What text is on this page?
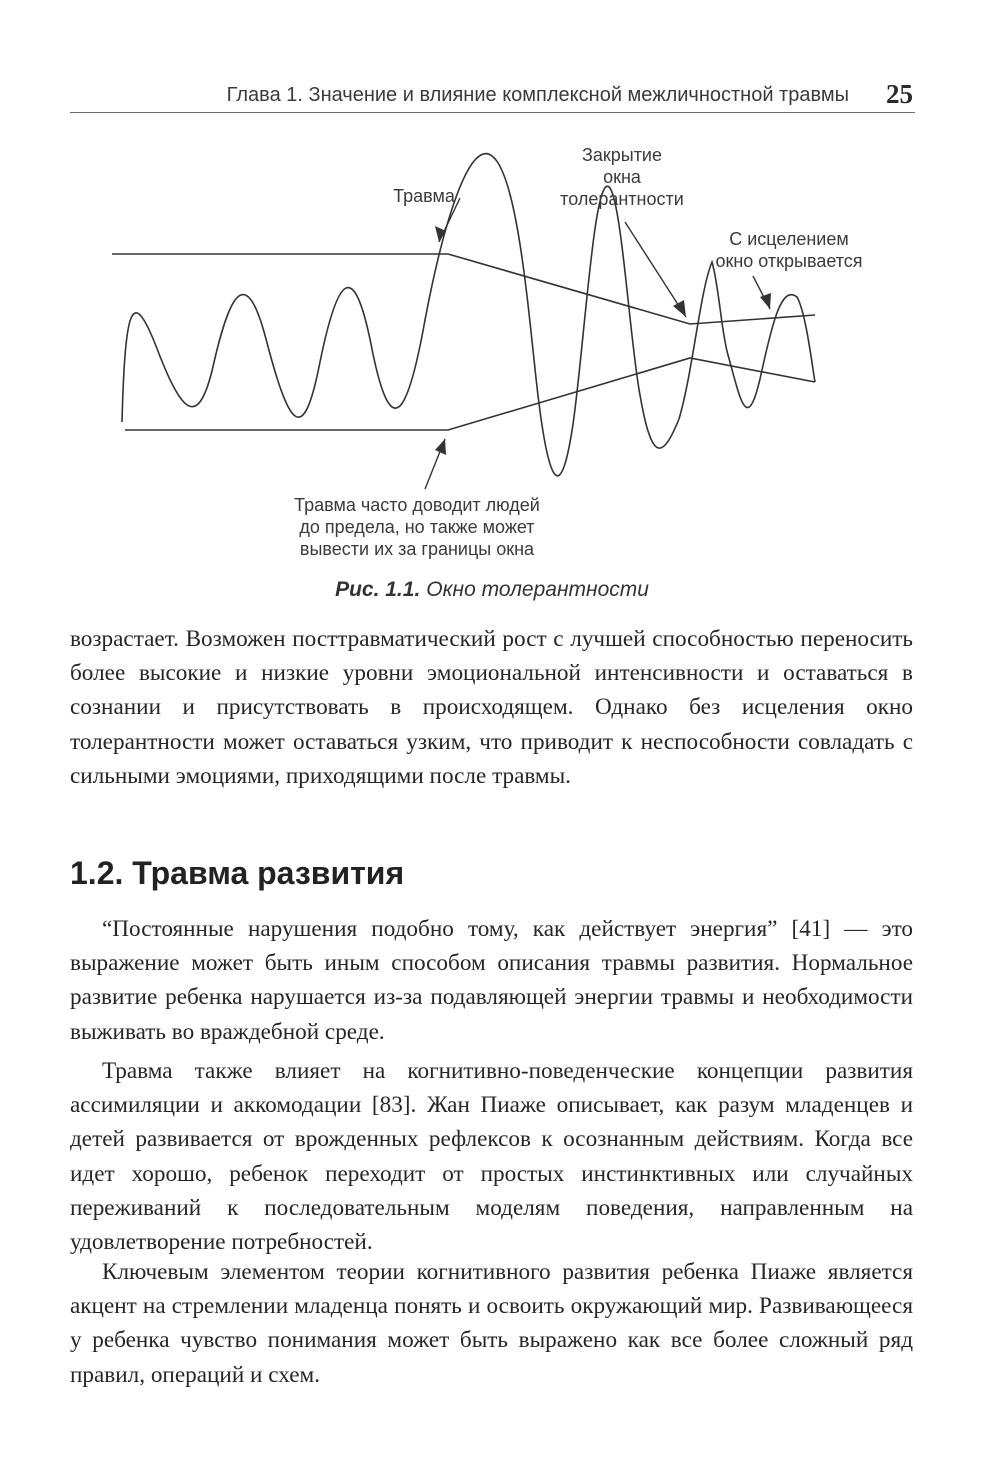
Глава 1. Значение и влияние комплексной межличностной травмы 25
Травма
Закрытие
окна
толерантности
С исцелением
окно открывается
Травма часто доводит людей
до предела, но также может
вывести их за границы окна
Рис. 1.1. Окно толерантности

возрастает. Возможен посттравматический рост с лучшей способностью переносить более высокие и низкие уровни эмоциональной интенсивности и оставаться в сознании и присутствовать в происходящем. Однако без исцеления окно толерантности может оставаться узким, что приводит к неспособности совладать с сильными эмоциями, приходящими после травмы.

1.2. Травма развития

“Постоянные нарушения подобно тому, как действует энергия” [41] — это выражение может быть иным способом описания травмы развития. Нормальное развитие ребенка нарушается из-за подавляющей энергии травмы и необходимости выживать во враждебной среде.

Травма также влияет на когнитивно-поведенческие концепции развития ассимиляции и аккомодации [83]. Жан Пиаже описывает, как разум младенцев и детей развивается от врожденных рефлексов к осознанным действиям. Когда все идет хорошо, ребенок переходит от простых инстинктивных или случайных переживаний к последовательным моделям поведения, направленным на удовлетворение потребностей.

Ключевым элементом теории когнитивного развития ребенка Пиаже является акцент на стремлении младенца понять и освоить окружающий мир. Развивающееся у ребенка чувство понимания может быть выражено как все более сложный ряд правил, операций и схем.
